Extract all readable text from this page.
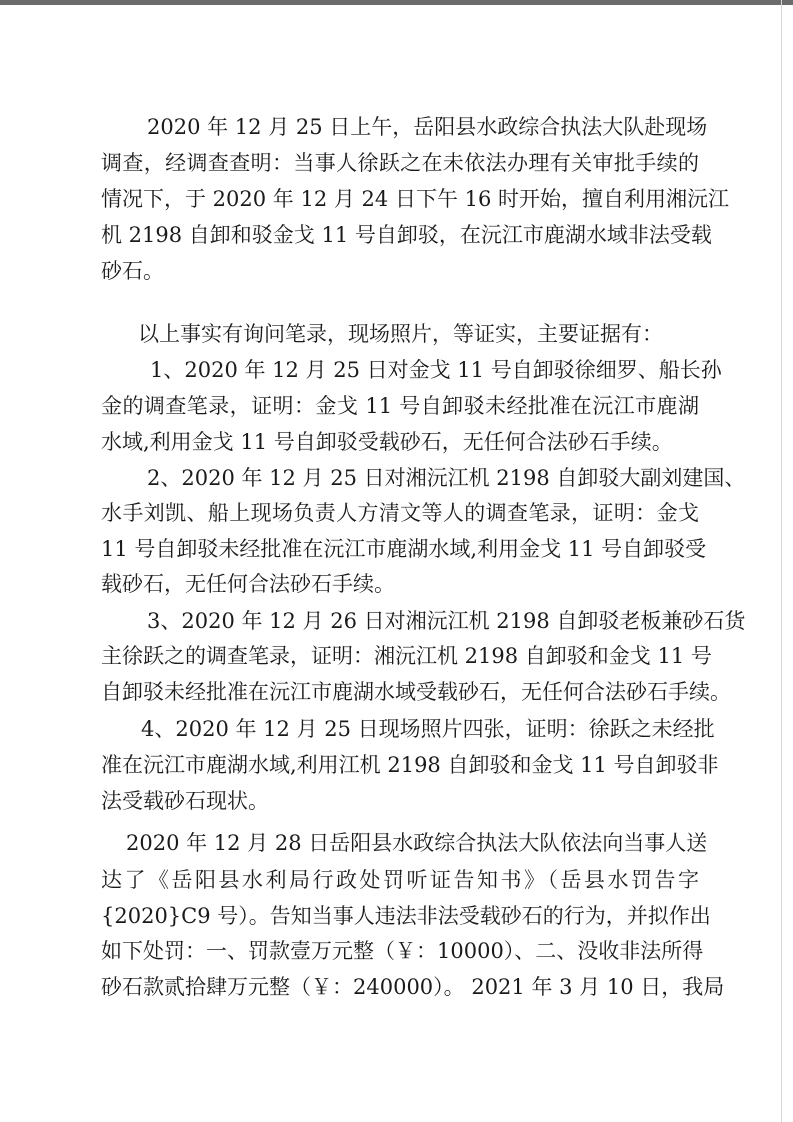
2020 年 12 月 25 日上午，岳阳县水政综合执法大队赴现场
调查，经调查查明：当事人徐跃之在未依法办理有关审批手续的
情况下，于 2020 年 12 月 24 日下午 16 时开始，擅自利用湘沅江
机 2198 自卸和驳金戈 11 号自卸驳，在沅江市鹿湖水域非法受载
砂石。
以上事实有询问笔录，现场照片，等证实，主要证据有：
1、2020 年 12 月 25 日对金戈 11 号自卸驳徐细罗、船长孙
金的调查笔录，证明：金戈 11 号自卸驳未经批准在沅江市鹿湖
水域,利用金戈 11 号自卸驳受载砂石，无任何合法砂石手续。
2、2020 年 12 月 25 日对湘沅江机 2198 自卸驳大副刘建国、
水手刘凯、船上现场负责人方清文等人的调查笔录，证明：金戈
11 号自卸驳未经批准在沅江市鹿湖水域,利用金戈 11 号自卸驳受
载砂石，无任何合法砂石手续。
3、2020 年 12 月 26 日对湘沅江机 2198 自卸驳老板兼砂石货
主徐跃之的调查笔录，证明：湘沅江机 2198 自卸驳和金戈 11 号
自卸驳未经批准在沅江市鹿湖水域受载砂石，无任何合法砂石手续。
4、2020 年 12 月 25 日现场照片四张，证明：徐跃之未经批
准在沅江市鹿湖水域,利用江机 2198 自卸驳和金戈 11 号自卸驳非
法受载砂石现状。
2020 年 12 月 28 日岳阳县水政综合执法大队依法向当事人送
达了《岳阳县水利局行政处罚听证告知书》（岳县水罚告字
{2020}C9 号）。告知当事人违法非法受载砂石的行为，并拟作出
如下处罚：一、罚款壹万元整（￥：10000）、二、没收非法所得
砂石款贰拾肆万元整（￥：240000）。 2021 年 3 月 10 日，我局
